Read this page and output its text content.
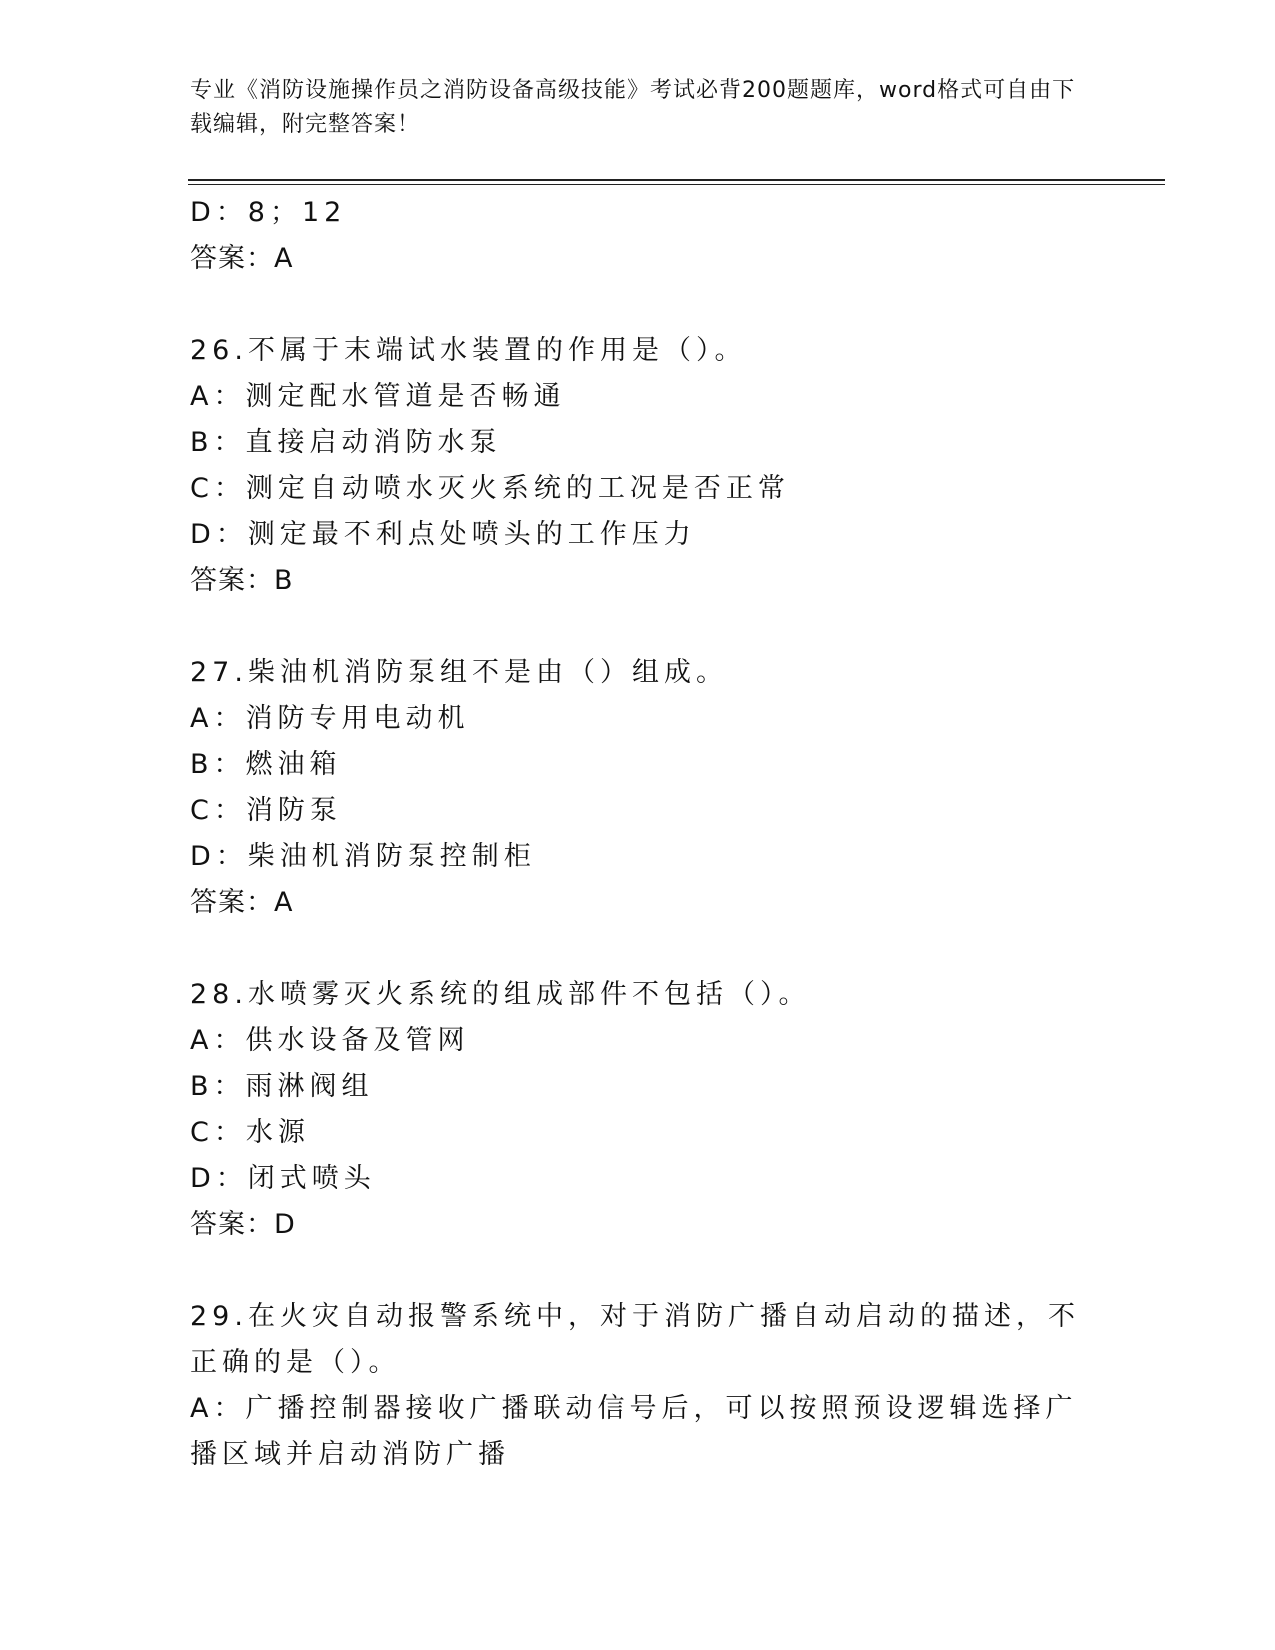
专业《消防设施操作员之消防设备高级技能》考试必背200题题库，word格式可自由下载编辑，附完整答案！
D：8；12
答案：A
26.不属于末端试水装置的作用是（）。
A：测定配水管道是否畅通
B：直接启动消防水泵
C：测定自动喷水灭火系统的工况是否正常
D：测定最不利点处喷头的工作压力
答案：B
27.柴油机消防泵组不是由（）组成。
A：消防专用电动机
B：燃油箱
C：消防泵
D：柴油机消防泵控制柜
答案：A
28.水喷雾灭火系统的组成部件不包括（）。
A：供水设备及管网
B：雨淋阀组
C：水源
D：闭式喷头
答案：D
29.在火灾自动报警系统中，对于消防广播自动启动的描述，不正确的是（）。
A：广播控制器接收广播联动信号后，可以按照预设逻辑选择广播区域并启动消防广播
